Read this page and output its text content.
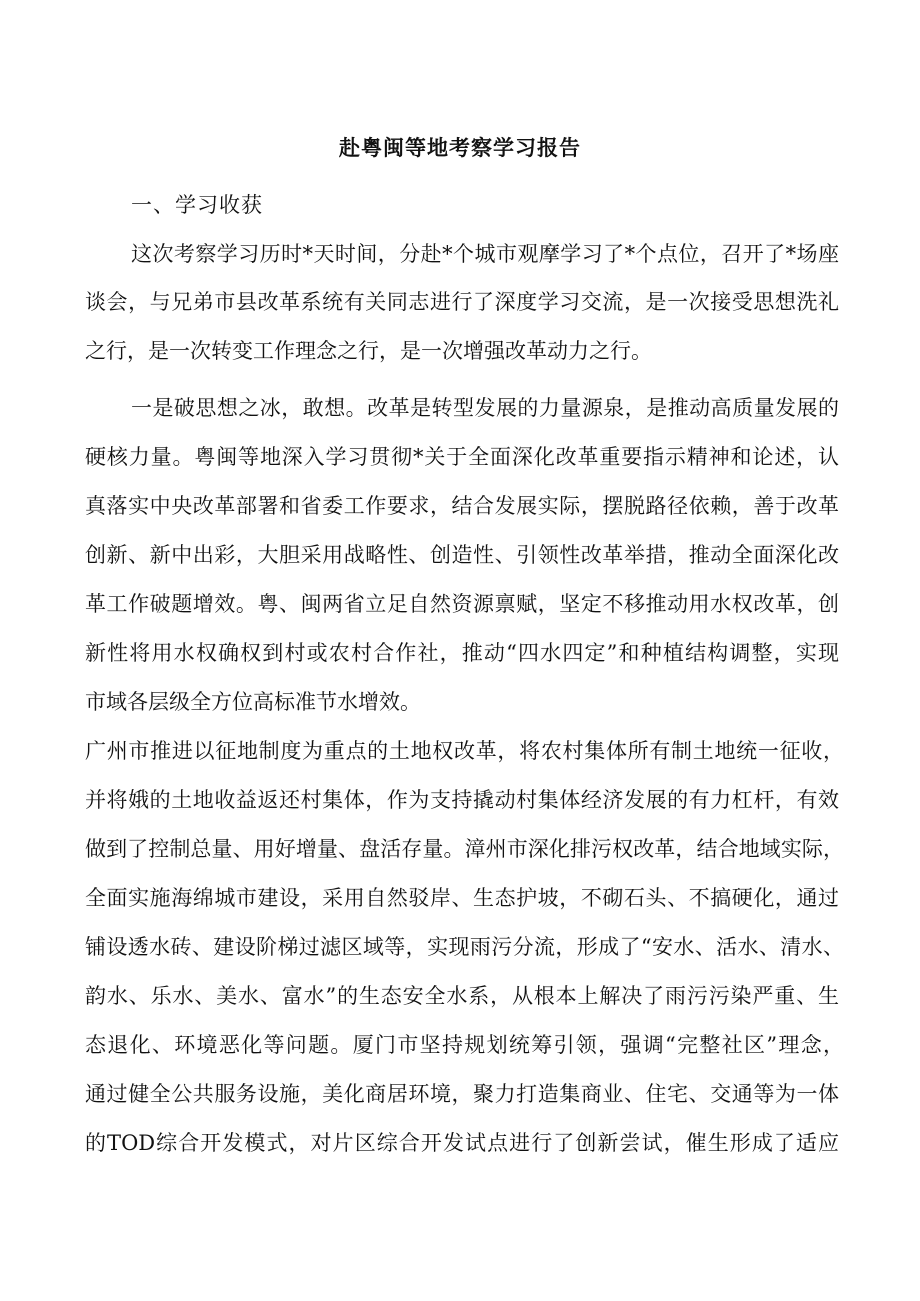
赴粤闽等地考察学习报告

一、学习收获

这次考察学习历时*天时间，分赴*个城市观摩学习了*个点位，召开了*场座

谈会，与兄弟市县改革系统有关同志进行了深度学习交流，是一次接受思想洗礼

之行，是一次转变工作理念之行，是一次增强改革动力之行。

一是破思想之冰，敢想。改革是转型发展的力量源泉，是推动高质量发展的

硬核力量。粤闽等地深入学习贯彻*关于全面深化改革重要指示精神和论述，认

真落实中央改革部署和省委工作要求，结合发展实际，摆脱路径依赖，善于改革

创新、新中出彩，大胆采用战略性、创造性、引领性改革举措，推动全面深化改

革工作破题增效。粤、闽两省立足自然资源禀赋，坚定不移推动用水权改革，创

新性将用水权确权到村或农村合作社，推动“四水四定”和种植结构调整，实现

市域各层级全方位高标准节水增效。

广州市推进以征地制度为重点的土地权改革，将农村集体所有制土地统一征收，

并将娥的土地收益返还村集体，作为支持撬动村集体经济发展的有力杠杆，有效

做到了控制总量、用好增量、盘活存量。漳州市深化排污权改革，结合地域实际，

全面实施海绵城市建设，采用自然驳岸、生态护坡，不砌石头、不搞硬化，通过

铺设透水砖、建设阶梯过滤区域等，实现雨污分流，形成了“安水、活水、清水、

韵水、乐水、美水、富水”的生态安全水系，从根本上解决了雨污污染严重、生

态退化、环境恶化等问题。厦门市坚持规划统筹引领，强调“完整社区”理念，

通过健全公共服务设施，美化商居环境，聚力打造集商业、住宅、交通等为一体

的TOD综合开发模式，对片区综合开发试点进行了创新尝试，催生形成了适应
